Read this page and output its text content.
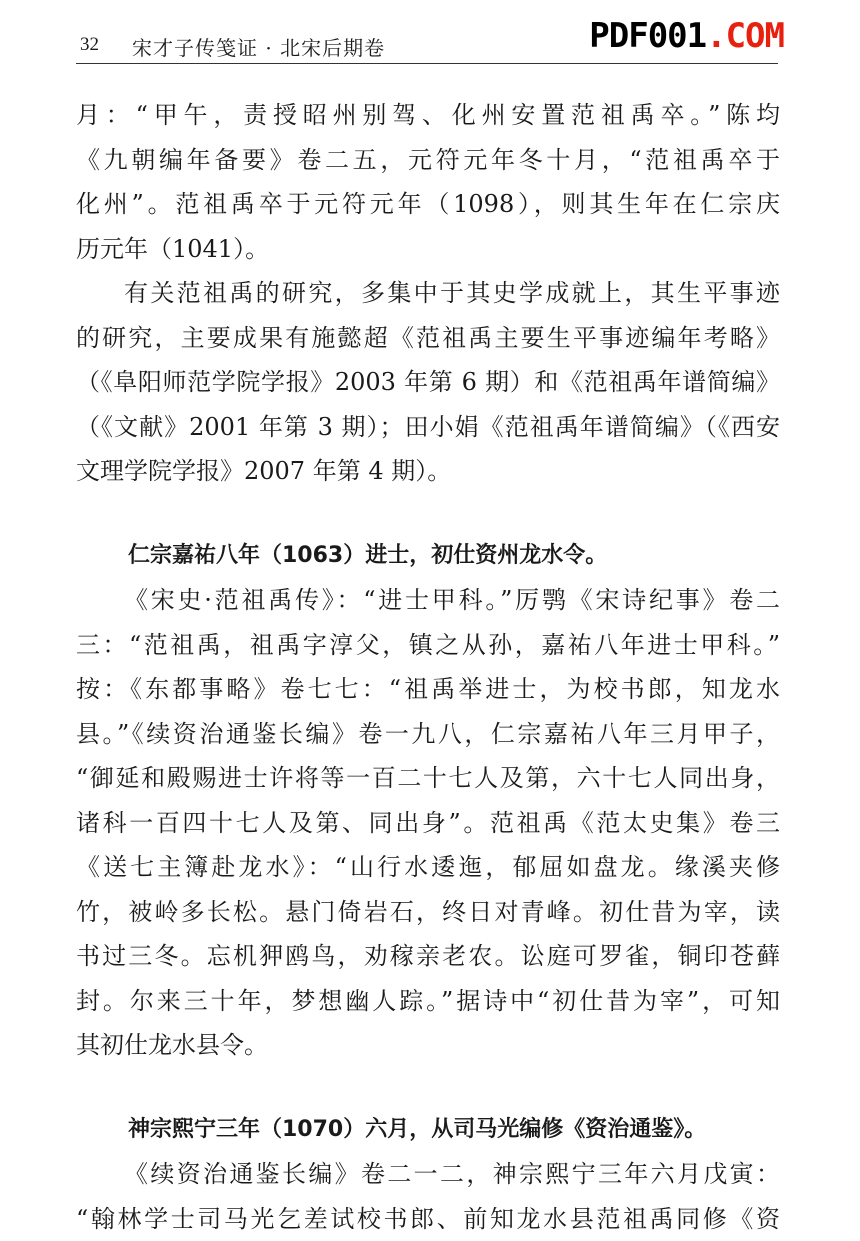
32 宋才子传笺证 · 北宋后期卷	PDF001.COM

月：“甲午，责授昭州别驾、化州安置范祖禹卒。”陈均

《九朝编年备要》卷二五，元符元年冬十月，“范祖禹卒于

化州”。范祖禹卒于元符元年（1098），则其生年在仁宗庆

历元年（1041）。

有关范祖禹的研究，多集中于其史学成就上，其生平事迹

的研究，主要成果有施懿超《范祖禹主要生平事迹编年考略》

（《阜阳师范学院学报》2003 年第 6 期）和《范祖禹年谱简编》

（《文献》2001 年第 3 期）；田小娟《范祖禹年谱简编》（《西安

文理学院学报》2007 年第 4 期）。

仁宗嘉祐八年（1063）进士，初仕资州龙水令。

《宋史·范祖禹传》：“进士甲科。”厉鹗《宋诗纪事》卷二

三：“范祖禹，祖禹字淳父，镇之从孙，嘉祐八年进士甲科。”

按：《东都事略》卷七七：“祖禹举进士，为校书郎，知龙水

县。”《续资治通鉴长编》卷一九八，仁宗嘉祐八年三月甲子，

“御延和殿赐进士许将等一百二十七人及第，六十七人同出身，

诸科一百四十七人及第、同出身”。范祖禹《范太史集》卷三

《送七主簿赴龙水》：“山行水逶迤，郁屈如盘龙。缘溪夹修

竹，被岭多长松。悬门倚岩石，终日对青峰。初仕昔为宰，读

书过三冬。忘机狎鸥鸟，劝稼亲老农。讼庭可罗雀，铜印苍藓

封。尔来三十年，梦想幽人踪。”据诗中“初仕昔为宰”，可知

其初仕龙水县令。

神宗熙宁三年（1070）六月，从司马光编修《资治通鉴》。

《续资治通鉴长编》卷二一二，神宗熙宁三年六月戊寅：

“翰林学士司马光乞差试校书郎、前知龙水县范祖禹同修《资
